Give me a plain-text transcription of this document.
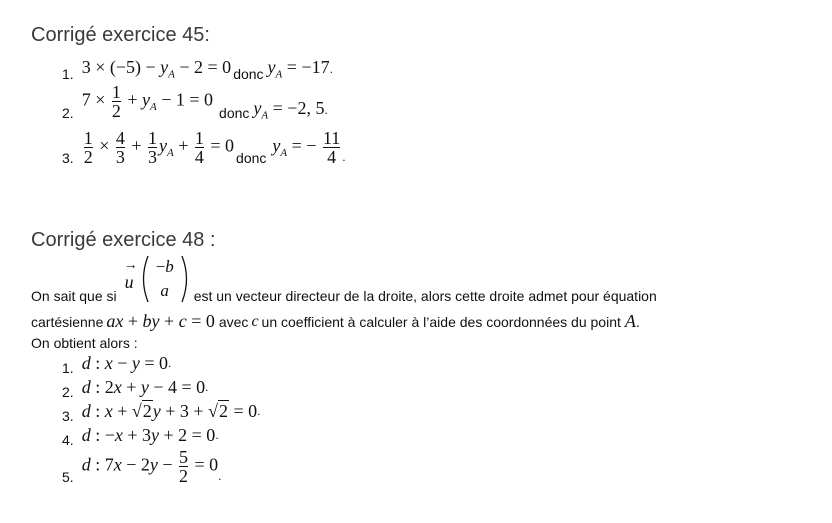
Corrigé exercice 45:
1. $3 \times (-5) - y_A - 2 = 0$ donc $y_A = -17$ .
2.
$7 \times \frac{1}{2} + y_A - 1 = 0$
donc $y_A = -2$, 5 .
3. $\frac{1}{2} \times \frac{4}{3} + \frac{1}{3} y_A + \frac{1}{4} = 0$
donc
$y_A$ = − $\frac{11}{4}$ .
Corrigé exercice 48 :
On sait que si
u
→ −b
a est un vecteur directeur de la droite, alors cette droite admet pour équation
cartésienne ax + by + c = 0 avec c un coefficient à calculer à l’aide des coordonnées du point A .
On obtient alors :
1. d : x − y = 0 .
2. d : 2x + y − 4 = 0 .
3. d : x + √2y + 3 + √2 = 0 .
4. d : −x + 3y + 2 = 0 .
5.
d : $7x - 2y - \frac{5}{2} = 0$
.
